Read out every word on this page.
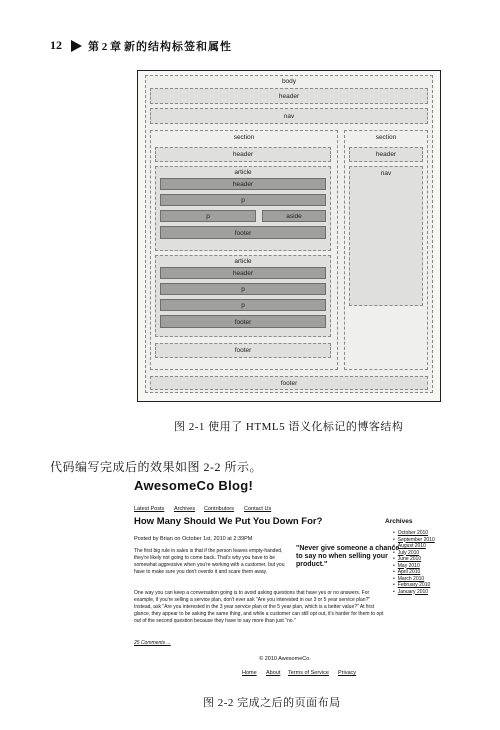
12 第 2 章 新的结构标签和属性
body
header
nav
section
header
article
header
p
p	aside
footer
article
header
p
p
footer
footer
section
header
nav
footer
图 2-1 使用了 HTML5 语义化标记的博客结构
代码编写完成后的效果如图 2-2 所示。
AwesomeCo Blog!
Latest Posts Archives Contributors Contact Us
How Many Should We Put You Down For?
Posted by Brian on October 1st, 2010 at 2:39PM
The first big rule in sales is that if the person leaves empty-handed, they're likely not going to come back. That's why you have to be somewhat aggressive when you're working with a customer, but you have to make sure you don't overdo it and scare them away.
"Never give someone a chance to say no when selling your product."
One way you can keep a conversation going is to avoid asking questions that have yes or no answers. For example, if you're selling a service plan, don't ever ask "Are you interested in our 3 or 5 year service plan?" Instead, ask "Are you interested in the 3 year service plan or the 5 year plan, which is a better value?" At first glance, they appear to be asking the same thing, and while a customer can still opt out, it's harder for them to opt out of the second question because they have to say more than just "no."
25 Comments ...
Archives
• October 2010
• September 2010
• August 2010
• July 2010
• June 2010
• May 2010
• April 2010
• March 2010
• February 2010
• January 2010
© 2010 AwesomeCo.
Home About Terms of Service Privacy
图 2-2 完成之后的页面布局
